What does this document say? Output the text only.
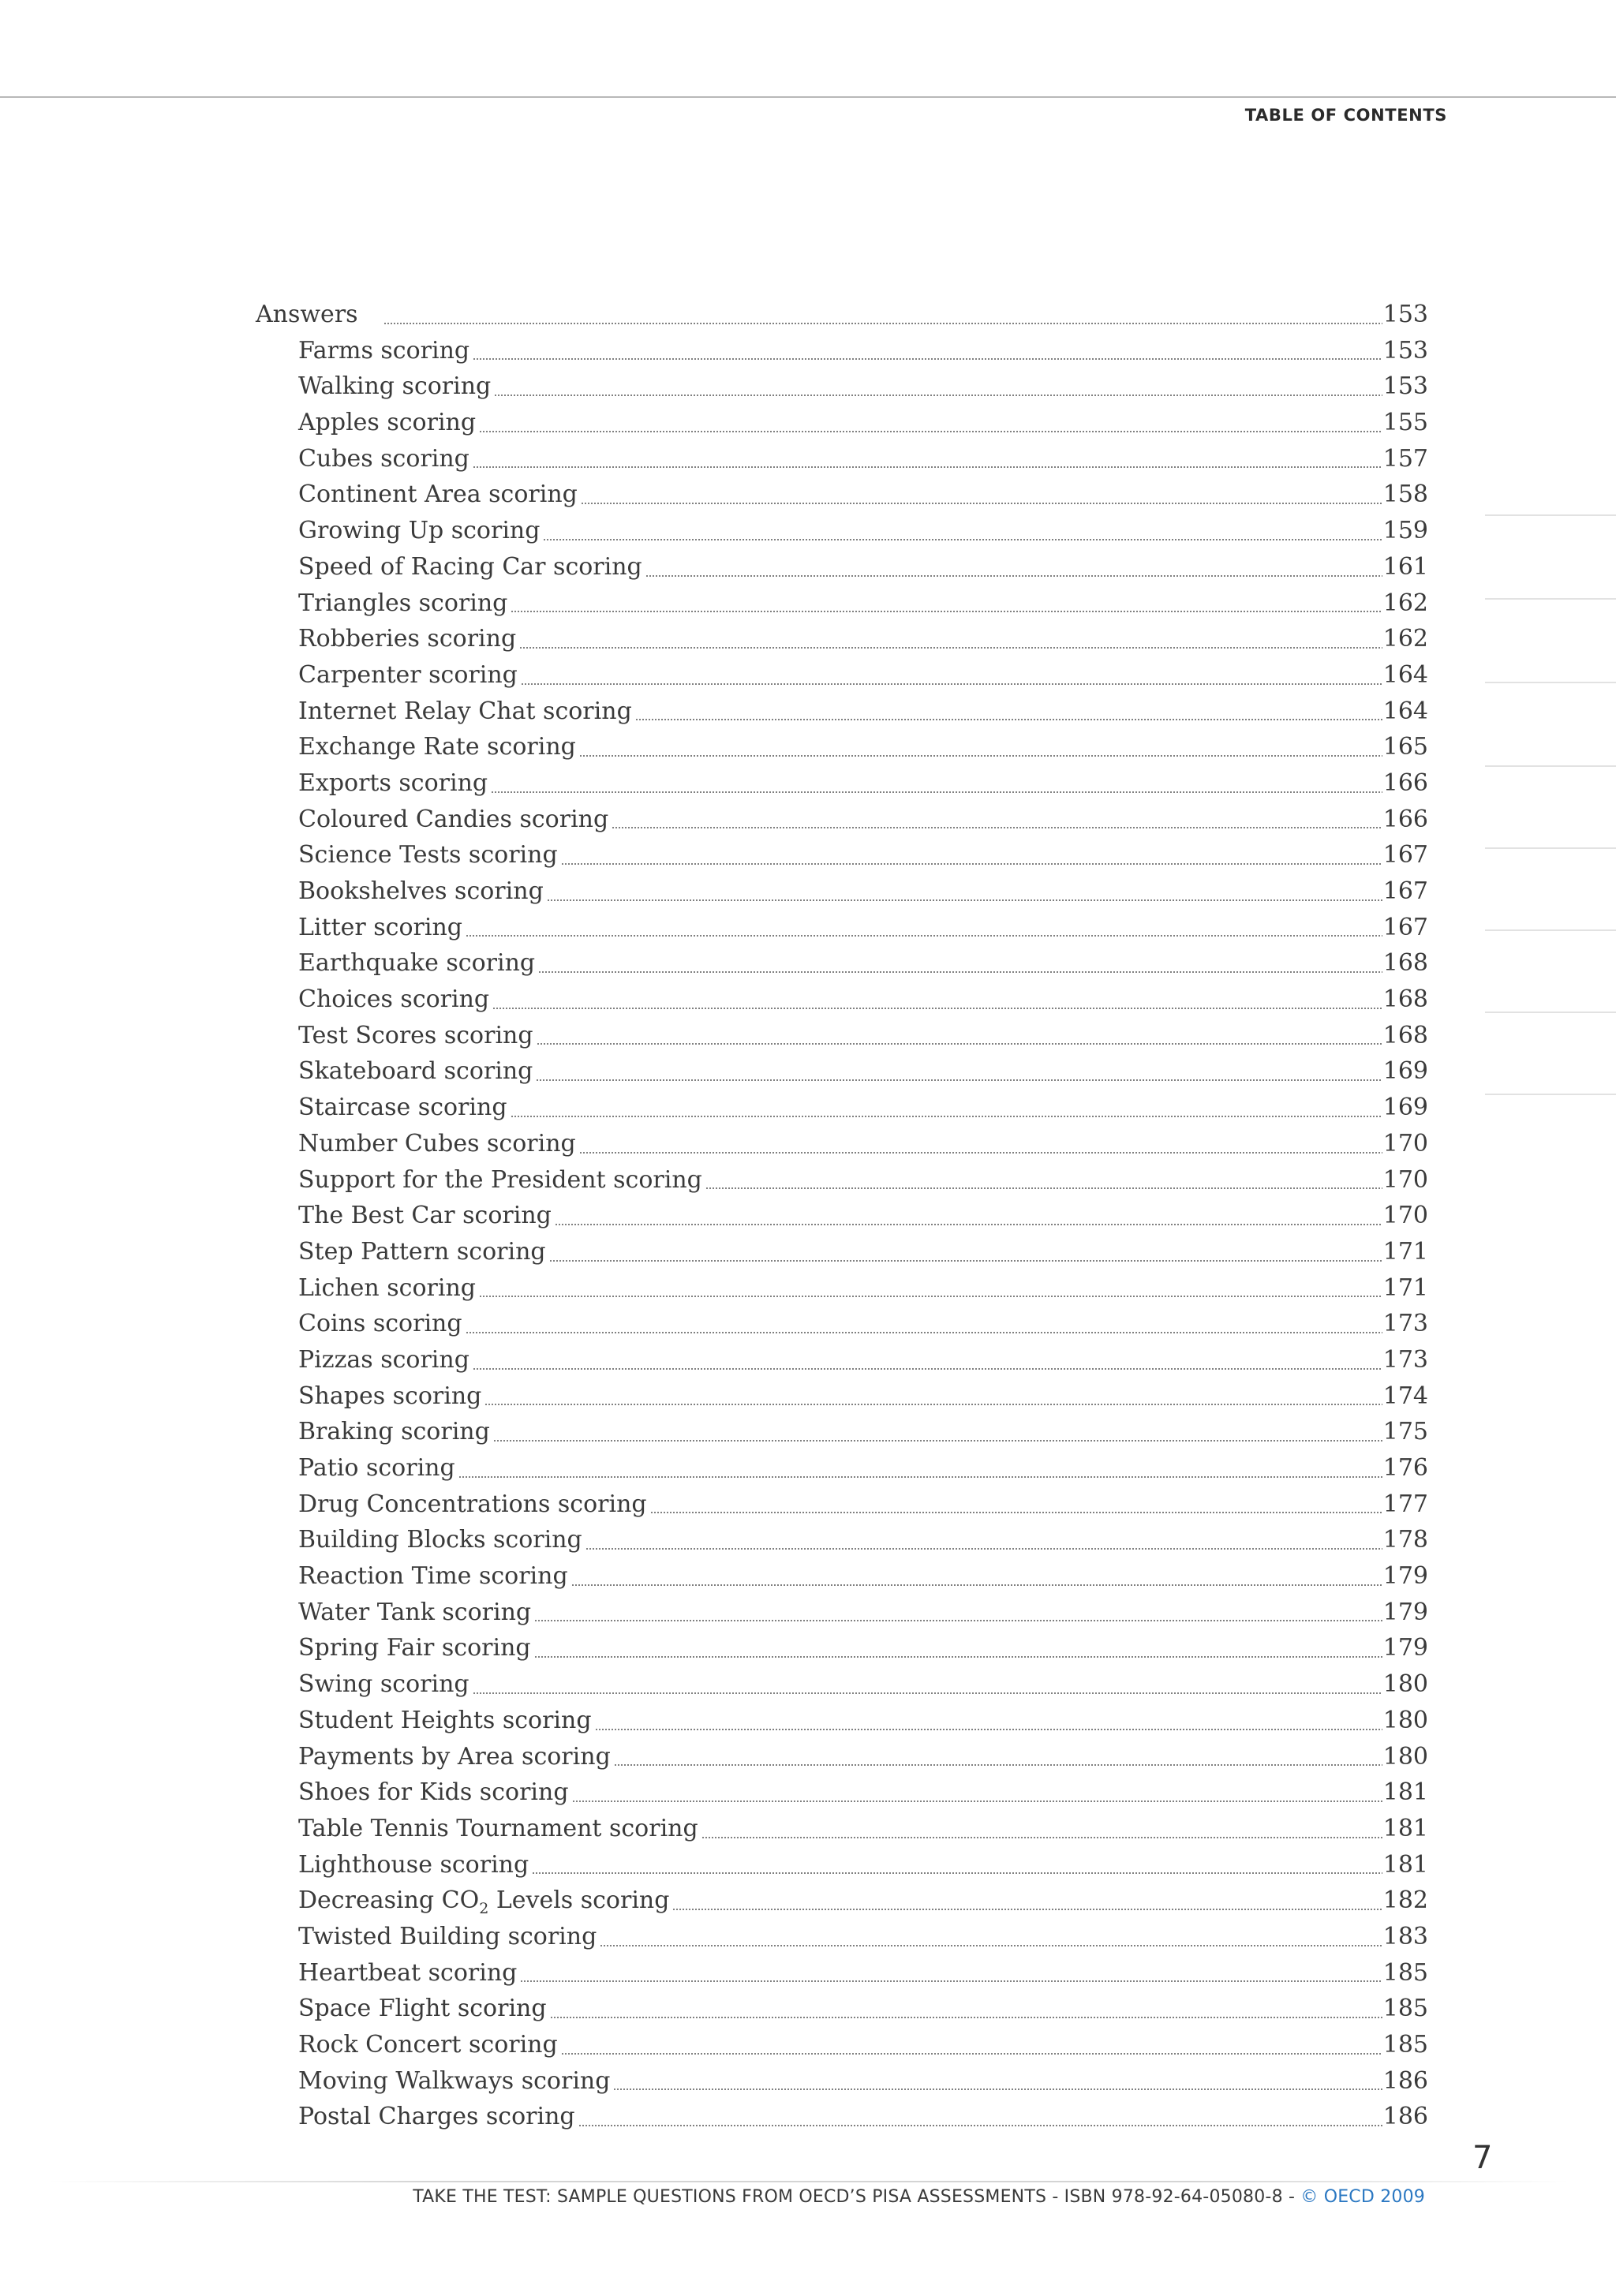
TABLE OF CONTENTS
Answers	153
Farms scoring	153
Walking scoring	153
Apples scoring	155
Cubes scoring	157
Continent Area scoring	158
Growing Up scoring	159
Speed of Racing Car scoring	161
Triangles scoring	162
Robberies scoring	162
Carpenter scoring	164
Internet Relay Chat scoring	164
Exchange Rate scoring	165
Exports scoring	166
Coloured Candies scoring	166
Science Tests scoring	167
Bookshelves scoring	167
Litter scoring	167
Earthquake scoring	168
Choices scoring	168
Test Scores scoring	168
Skateboard scoring	169
Staircase scoring	169
Number Cubes scoring	170
Support for the President scoring	170
The Best Car scoring	170
Step Pattern scoring	171
Lichen scoring	171
Coins scoring	173
Pizzas scoring	173
Shapes scoring	174
Braking scoring	175
Patio scoring	176
Drug Concentrations scoring	177
Building Blocks scoring	178
Reaction Time scoring	179
Water Tank scoring	179
Spring Fair scoring	179
Swing scoring	180
Student Heights scoring	180
Payments by Area scoring	180
Shoes for Kids scoring	181
Table Tennis Tournament scoring	181
Lighthouse scoring	181
Decreasing $CO_2$ Levels scoring	182
Twisted Building scoring	183
Heartbeat scoring	185
Space Flight scoring	185
Rock Concert scoring	185
Moving Walkways scoring	186
Postal Charges scoring	186
7
TAKE THE TEST: SAMPLE QUESTIONS FROM OECD’S PISA ASSESSMENTS - ISBN 978-92-64-05080-8 - © OECD 2009
